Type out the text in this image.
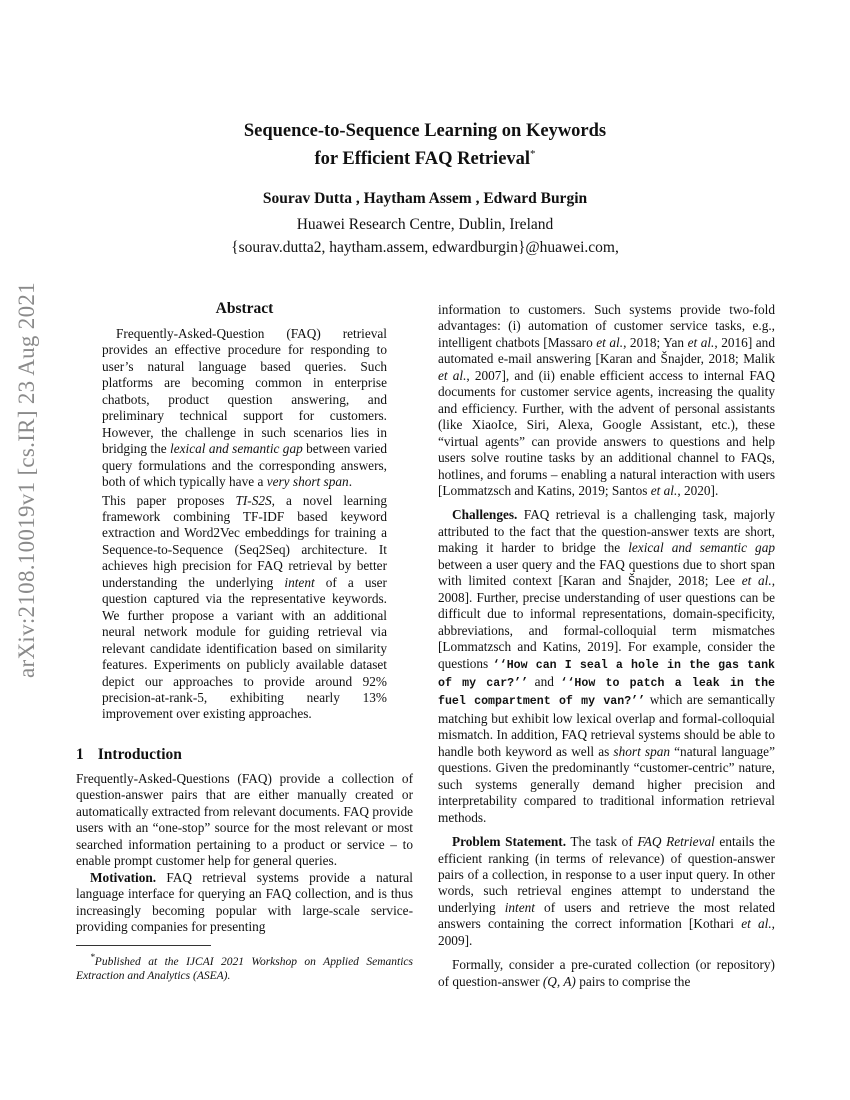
arXiv:2108.10019v1 [cs.IR] 23 Aug 2021
Sequence-to-Sequence Learning on Keywords
for Efficient FAQ Retrieval*
Sourav Dutta , Haytham Assem , Edward Burgin
Huawei Research Centre, Dublin, Ireland
{sourav.dutta2, haytham.assem, edwardburgin}@huawei.com,
Abstract

Frequently-Asked-Question (FAQ) retrieval provides an effective procedure for responding to user’s natural language based queries. Such platforms are becoming common in enterprise chatbots, product question answering, and preliminary technical support for customers. However, the challenge in such scenarios lies in bridging the lexical and semantic gap between varied query formulations and the corresponding answers, both of which typically have a very short span.

This paper proposes TI-S2S, a novel learning framework combining TF-IDF based keyword extraction and Word2Vec embeddings for training a Sequence-to-Sequence (Seq2Seq) architecture. It achieves high precision for FAQ retrieval by better understanding the underlying intent of a user question captured via the representative keywords. We further propose a variant with an additional neural network module for guiding retrieval via relevant candidate identification based on similarity features. Experiments on publicly available dataset depict our approaches to provide around 92% precision-at-rank-5, exhibiting nearly 13% improvement over existing approaches.

1 Introduction

Frequently-Asked-Questions (FAQ) provide a collection of question-answer pairs that are either manually created or automatically extracted from relevant documents. FAQ provide users with an “one-stop” source for the most relevant or most searched information pertaining to a product or service – to enable prompt customer help for general queries.

Motivation. FAQ retrieval systems provide a natural language interface for querying an FAQ collection, and is thus increasingly becoming popular with large-scale service-providing companies for presenting

*Published at the IJCAI 2021 Workshop on Applied Semantics Extraction and Analytics (ASEA).

information to customers. Such systems provide two-fold advantages: (i) automation of customer service tasks, e.g., intelligent chatbots [Massaro et al., 2018; Yan et al., 2016] and automated e-mail answering [Karan and Šnajder, 2018; Malik et al., 2007], and (ii) enable efficient access to internal FAQ documents for customer service agents, increasing the quality and efficiency. Further, with the advent of personal assistants (like XiaoIce, Siri, Alexa, Google Assistant, etc.), these “virtual agents” can provide answers to questions and help users solve routine tasks by an additional channel to FAQs, hotlines, and forums – enabling a natural interaction with users [Lommatzsch and Katins, 2019; Santos et al., 2020].

Challenges. FAQ retrieval is a challenging task, majorly attributed to the fact that the question-answer texts are short, making it harder to bridge the lexical and semantic gap between a user query and the FAQ questions due to short span with limited context [Karan and Šnajder, 2018; Lee et al., 2008]. Further, precise understanding of user questions can be difficult due to informal representations, domain-specificity, abbreviations, and formal-colloquial term mismatches [Lommatzsch and Katins, 2019]. For example, consider the questions ‘‘How can I seal a hole in the gas tank of my car?’’ and ‘‘How to patch a leak in the fuel compartment of my van?’’ which are semantically matching but exhibit low lexical overlap and formal-colloquial mismatch. In addition, FAQ retrieval systems should be able to handle both keyword as well as short span “natural language” questions. Given the predominantly “customer-centric” nature, such systems generally demand higher precision and interpretability compared to traditional information retrieval methods.

Problem Statement. The task of FAQ Retrieval entails the efficient ranking (in terms of relevance) of question-answer pairs of a collection, in response to a user input query. In other words, such retrieval engines attempt to understand the underlying intent of users and retrieve the most related answers containing the correct information [Kothari et al., 2009].

Formally, consider a pre-curated collection (or repository) of question-answer (Q, A) pairs to comprise the
